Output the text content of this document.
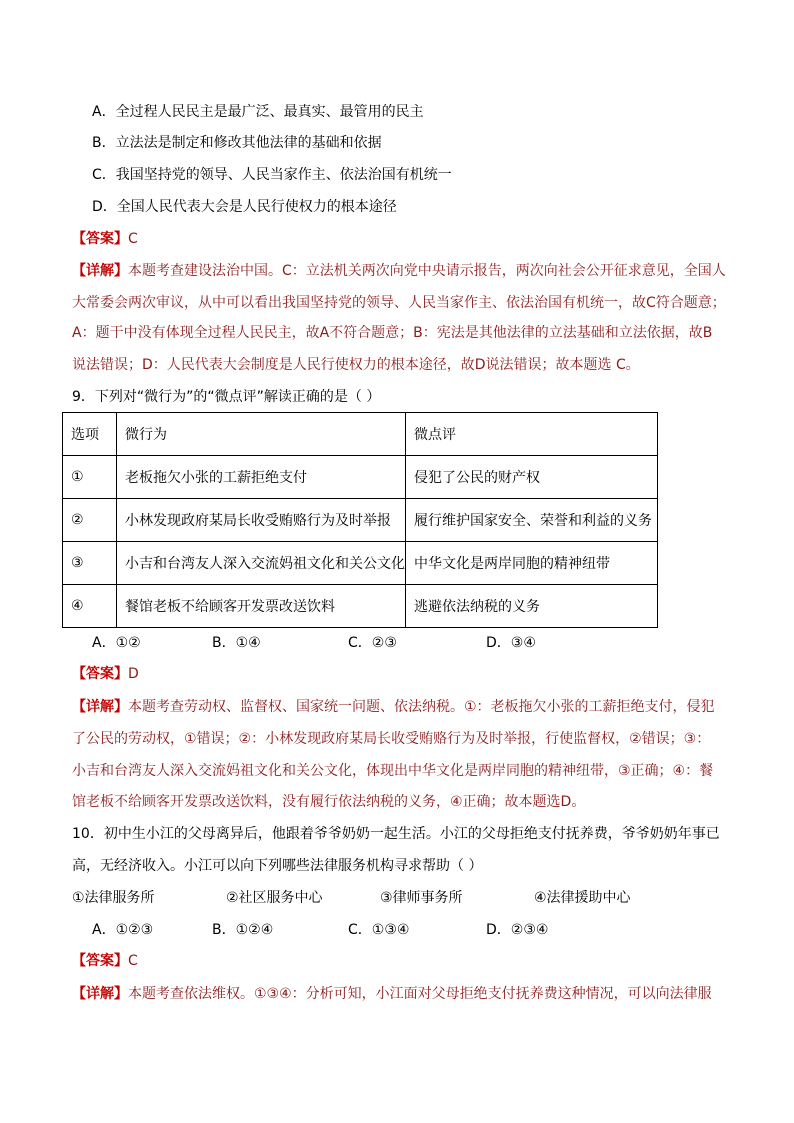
A．全过程人民民主是最广泛、最真实、最管用的民主
B．立法法是制定和修改其他法律的基础和依据
C．我国坚持党的领导、人民当家作主、依法治国有机统一
D．全国人民代表大会是人民行使权力的根本途径
【答案】C
【详解】本题考查建设法治中国。C：立法机关两次向党中央请示报告，两次向社会公开征求意见，全国人
大常委会两次审议，从中可以看出我国坚持党的领导、人民当家作主、依法治国有机统一，故C符合题意；
A：题干中没有体现全过程人民民主，故A不符合题意；B：宪法是其他法律的立法基础和立法依据，故B
说法错误；D：人民代表大会制度是人民行使权力的根本途径，故D说法错误；故本题选 C。
9．下列对“微行为”的“微点评”解读正确的是（ ）
选项	微行为	微点评
①	老板拖欠小张的工薪拒绝支付	侵犯了公民的财产权
②	小林发现政府某局长收受贿赂行为及时举报	履行维护国家安全、荣誉和利益的义务
③	小吉和台湾友人深入交流妈祖文化和关公文化	中华文化是两岸同胞的精神纽带
④	餐馆老板不给顾客开发票改送饮料	逃避依法纳税的义务
A．①②	B．①④	C．②③	D．③④
【答案】D
【详解】本题考查劳动权、监督权、国家统一问题、依法纳税。①：老板拖欠小张的工薪拒绝支付，侵犯
了公民的劳动权，①错误；②：小林发现政府某局长收受贿赂行为及时举报，行使监督权，②错误；③：
小吉和台湾友人深入交流妈祖文化和关公文化，体现出中华文化是两岸同胞的精神纽带，③正确；④：餐
馆老板不给顾客开发票改送饮料，没有履行依法纳税的义务，④正确；故本题选D。
10．初中生小江的父母离异后，他跟着爷爷奶奶一起生活。小江的父母拒绝支付抚养费，爷爷奶奶年事已
高，无经济收入。小江可以向下列哪些法律服务机构寻求帮助（ ）
①法律服务所	②社区服务中心	③律师事务所	④法律援助中心
A．①②③	B．①②④	C．①③④	D．②③④
【答案】C
【详解】本题考查依法维权。①③④：分析可知，小江面对父母拒绝支付抚养费这种情况，可以向法律服
